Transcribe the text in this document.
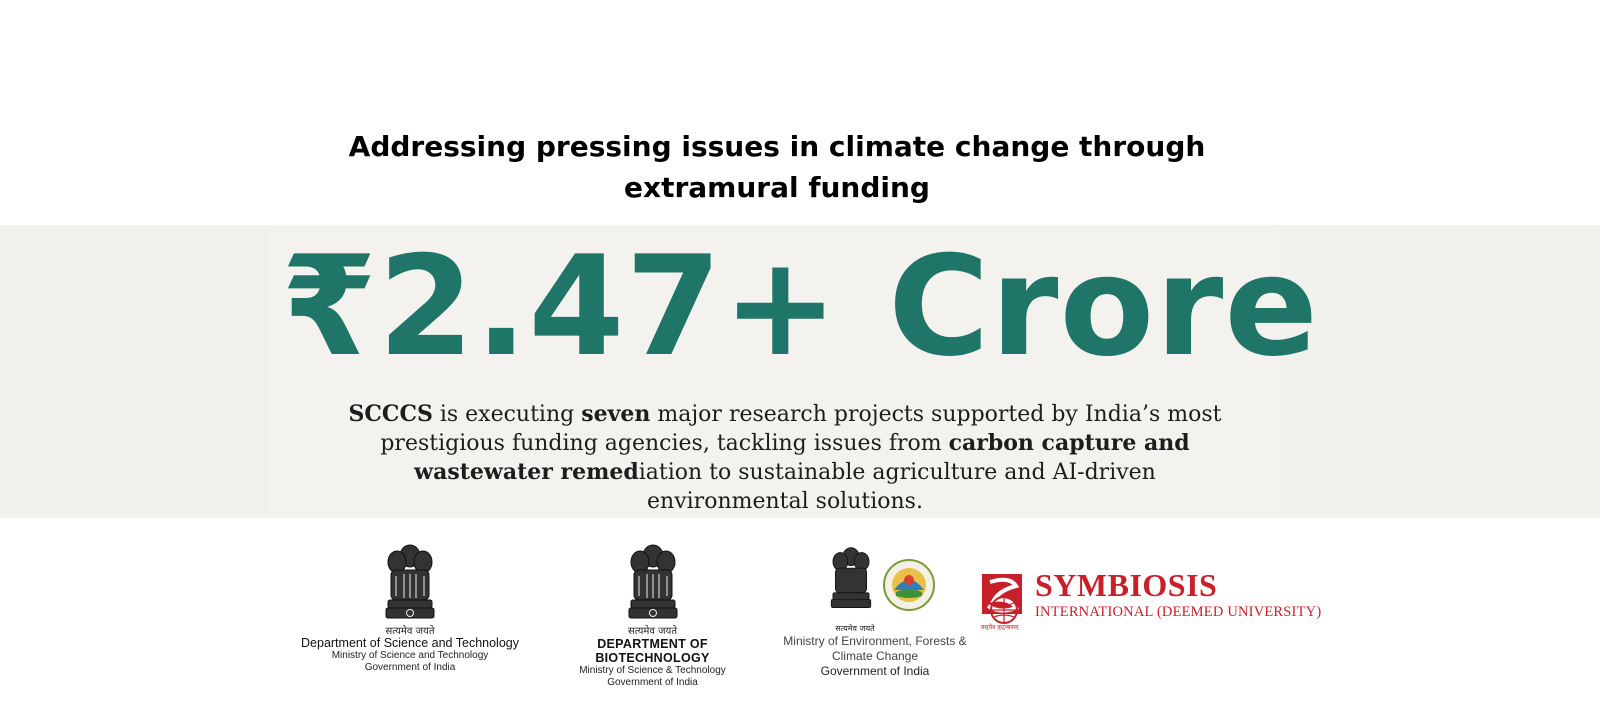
Addressing pressing issues in climate change through
extramural funding
₹2.47+ Crore

SCCCS is executing seven major research projects supported by India’s most prestigious funding agencies, tackling issues from carbon capture and wastewater remediation to sustainable agriculture and AI-driven environmental solutions.

सत्यमेव जयते
Department of Science and Technology
Ministry of Science and Technology
Government of India
सत्यमेव जयते
DEPARTMENT OF BIOTECHNOLOGY
Ministry of Science & Technology
Government of India
सत्यमेव जयते
Ministry of Environment, Forests &
Climate Change
Government of India
वसुधैव कुटुम्बकम्
SYMBIOSIS
INTERNATIONAL (DEEMED UNIVERSITY)
